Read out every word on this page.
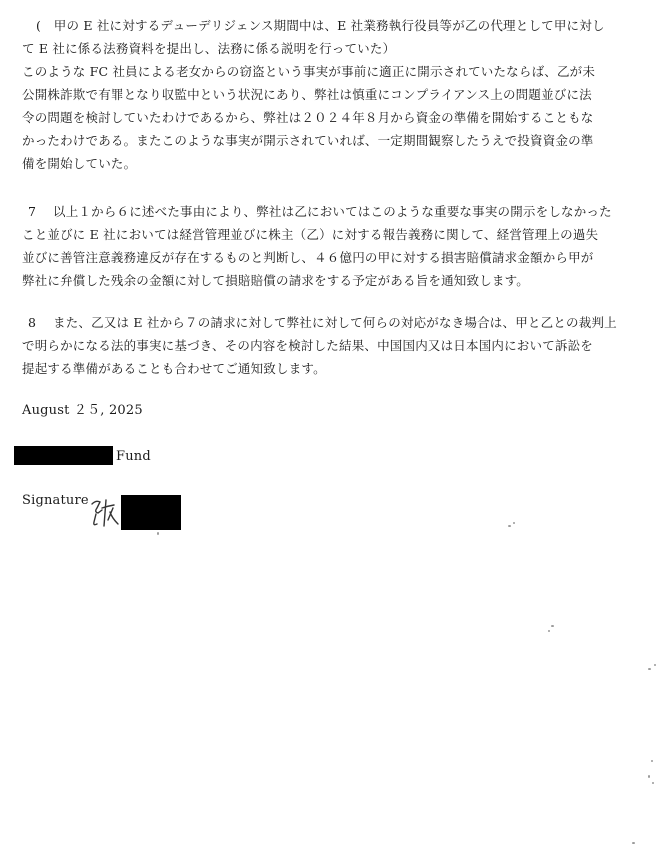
(　甲の E 社に対するデューデリジェンス期間中は、E 社業務執行役員等が乙の代理として甲に対し
て E 社に係る法務資料を提出し、法務に係る説明を行っていた）
このような FC 社員による老女からの窃盗という事実が事前に適正に開示されていたならば、乙が未
公開株詐欺で有罪となり収監中という状況にあり、弊社は慎重にコンプライアンス上の問題並びに法
令の問題を検討していたわけであるから、弊社は２０２４年８月から資金の準備を開始することもな
かったわけである。またこのような事実が開示されていれば、一定期間観察したうえで投資資金の準
備を開始していた。
7　 以上１から６に述べた事由により、弊社は乙においてはこのような重要な事実の開示をしなかった
こと並びに E 社においては経営管理並びに株主（乙）に対する報告義務に関して、経営管理上の過失
並びに善管注意義務違反が存在するものと判断し、４６億円の甲に対する損害賠償請求金額から甲が
弊社に弁償した残余の金額に対して損賠賠償の請求をする予定がある旨を通知致します。
8　 また、乙又は E 社から７の請求に対して弊社に対して何らの対応がなき場合は、甲と乙との裁判上
で明らかになる法的事実に基づき、その内容を検討した結果、中国国内又は日本国内において訴訟を
提起する準備があることも合わせてご通知致します。
August ２５, 2025
Fund
Signature
